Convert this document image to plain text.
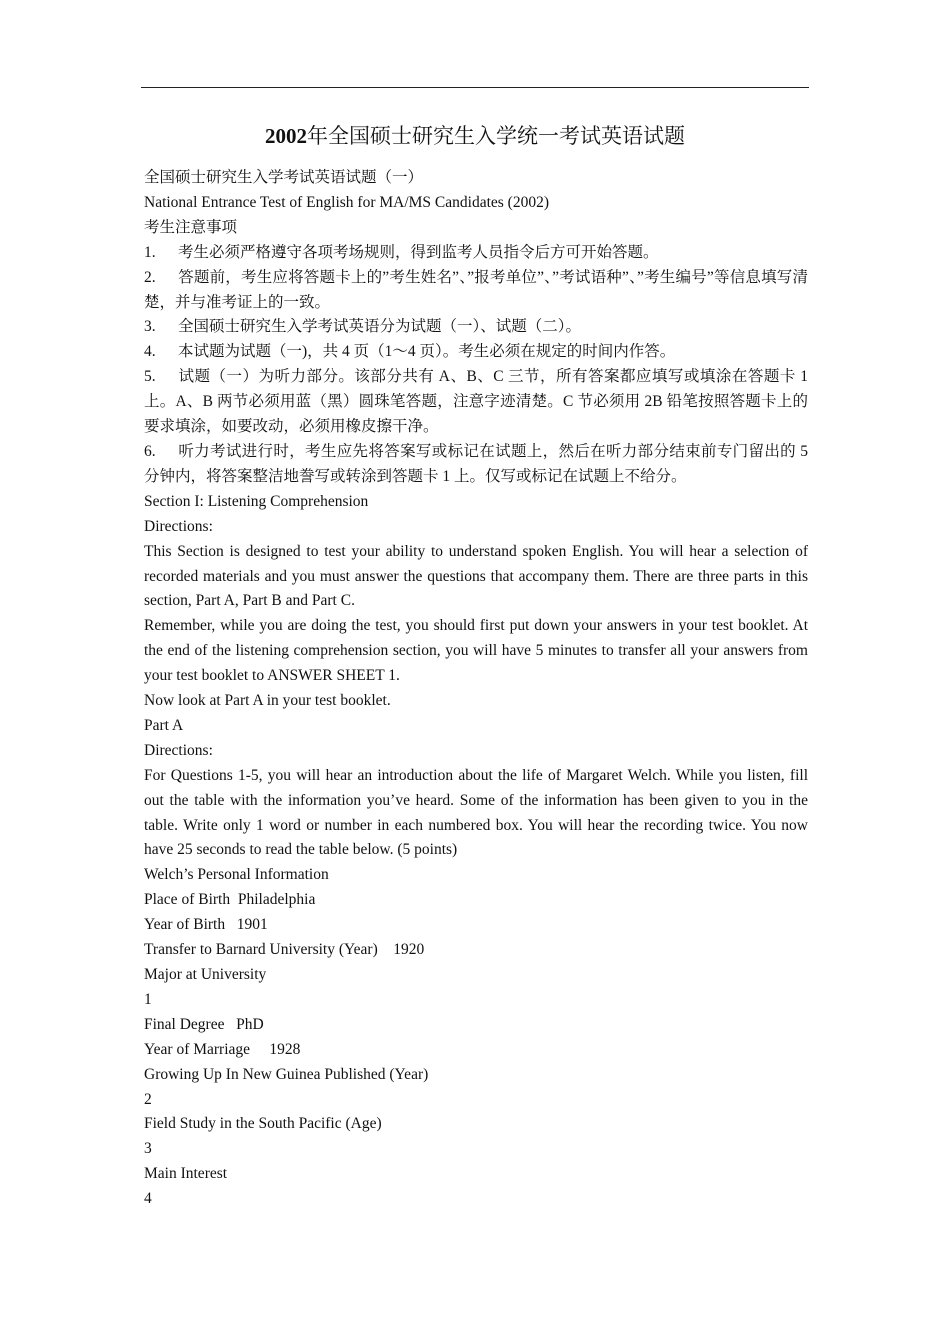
2002年全国硕士研究生入学统一考试英语试题
全国硕士研究生入学考试英语试题（一）
National Entrance Test of English for MA/MS Candidates (2002)
考生注意事项
1. 考生必须严格遵守各项考场规则，得到监考人员指令后方可开始答题。
2. 答题前，考生应将答题卡上的”考生姓名”、”报考单位”、”考试语种”、”考生编号”等信息填写清楚，并与准考证上的一致。
3. 全国硕士研究生入学考试英语分为试题（一）、试题（二）。
4. 本试题为试题（一)，共 4 页（1～4 页）。考生必须在规定的时间内作答。
5. 试题（一）为听力部分。该部分共有 A、B、C 三节，所有答案都应填写或填涂在答题卡 1 上。A、B 两节必须用蓝（黑）圆珠笔答题，注意字迹清楚。C 节必须用 2B 铅笔按照答题卡上的要求填涂，如要改动，必须用橡皮擦干净。
6. 听力考试进行时，考生应先将答案写或标记在试题上，然后在听力部分结束前专门留出的 5 分钟内，将答案整洁地誊写或转涂到答题卡 1 上。仅写或标记在试题上不给分。
Section I: Listening Comprehension
Directions:
This Section is designed to test your ability to understand spoken English. You will hear a selection of recorded materials and you must answer the questions that accompany them. There are three parts in this section, Part A, Part B and Part C.
Remember, while you are doing the test, you should first put down your answers in your test booklet. At the end of the listening comprehension section, you will have 5 minutes to transfer all your answers from your test booklet to ANSWER SHEET 1.
Now look at Part A in your test booklet.
Part A
Directions:
For Questions 1-5, you will hear an introduction about the life of Margaret Welch. While you listen, fill out the table with the information you’ve heard. Some of the information has been given to you in the table. Write only 1 word or number in each numbered box. You will hear the recording twice. You now have 25 seconds to read the table below. (5 points)
Welch’s Personal Information
Place of Birth  Philadelphia
Year of Birth   1901
Transfer to Barnard University (Year)    1920
Major at University
1
Final Degree   PhD
Year of Marriage     1928
Growing Up In New Guinea Published (Year)
2
Field Study in the South Pacific (Age)
3
Main Interest
4
